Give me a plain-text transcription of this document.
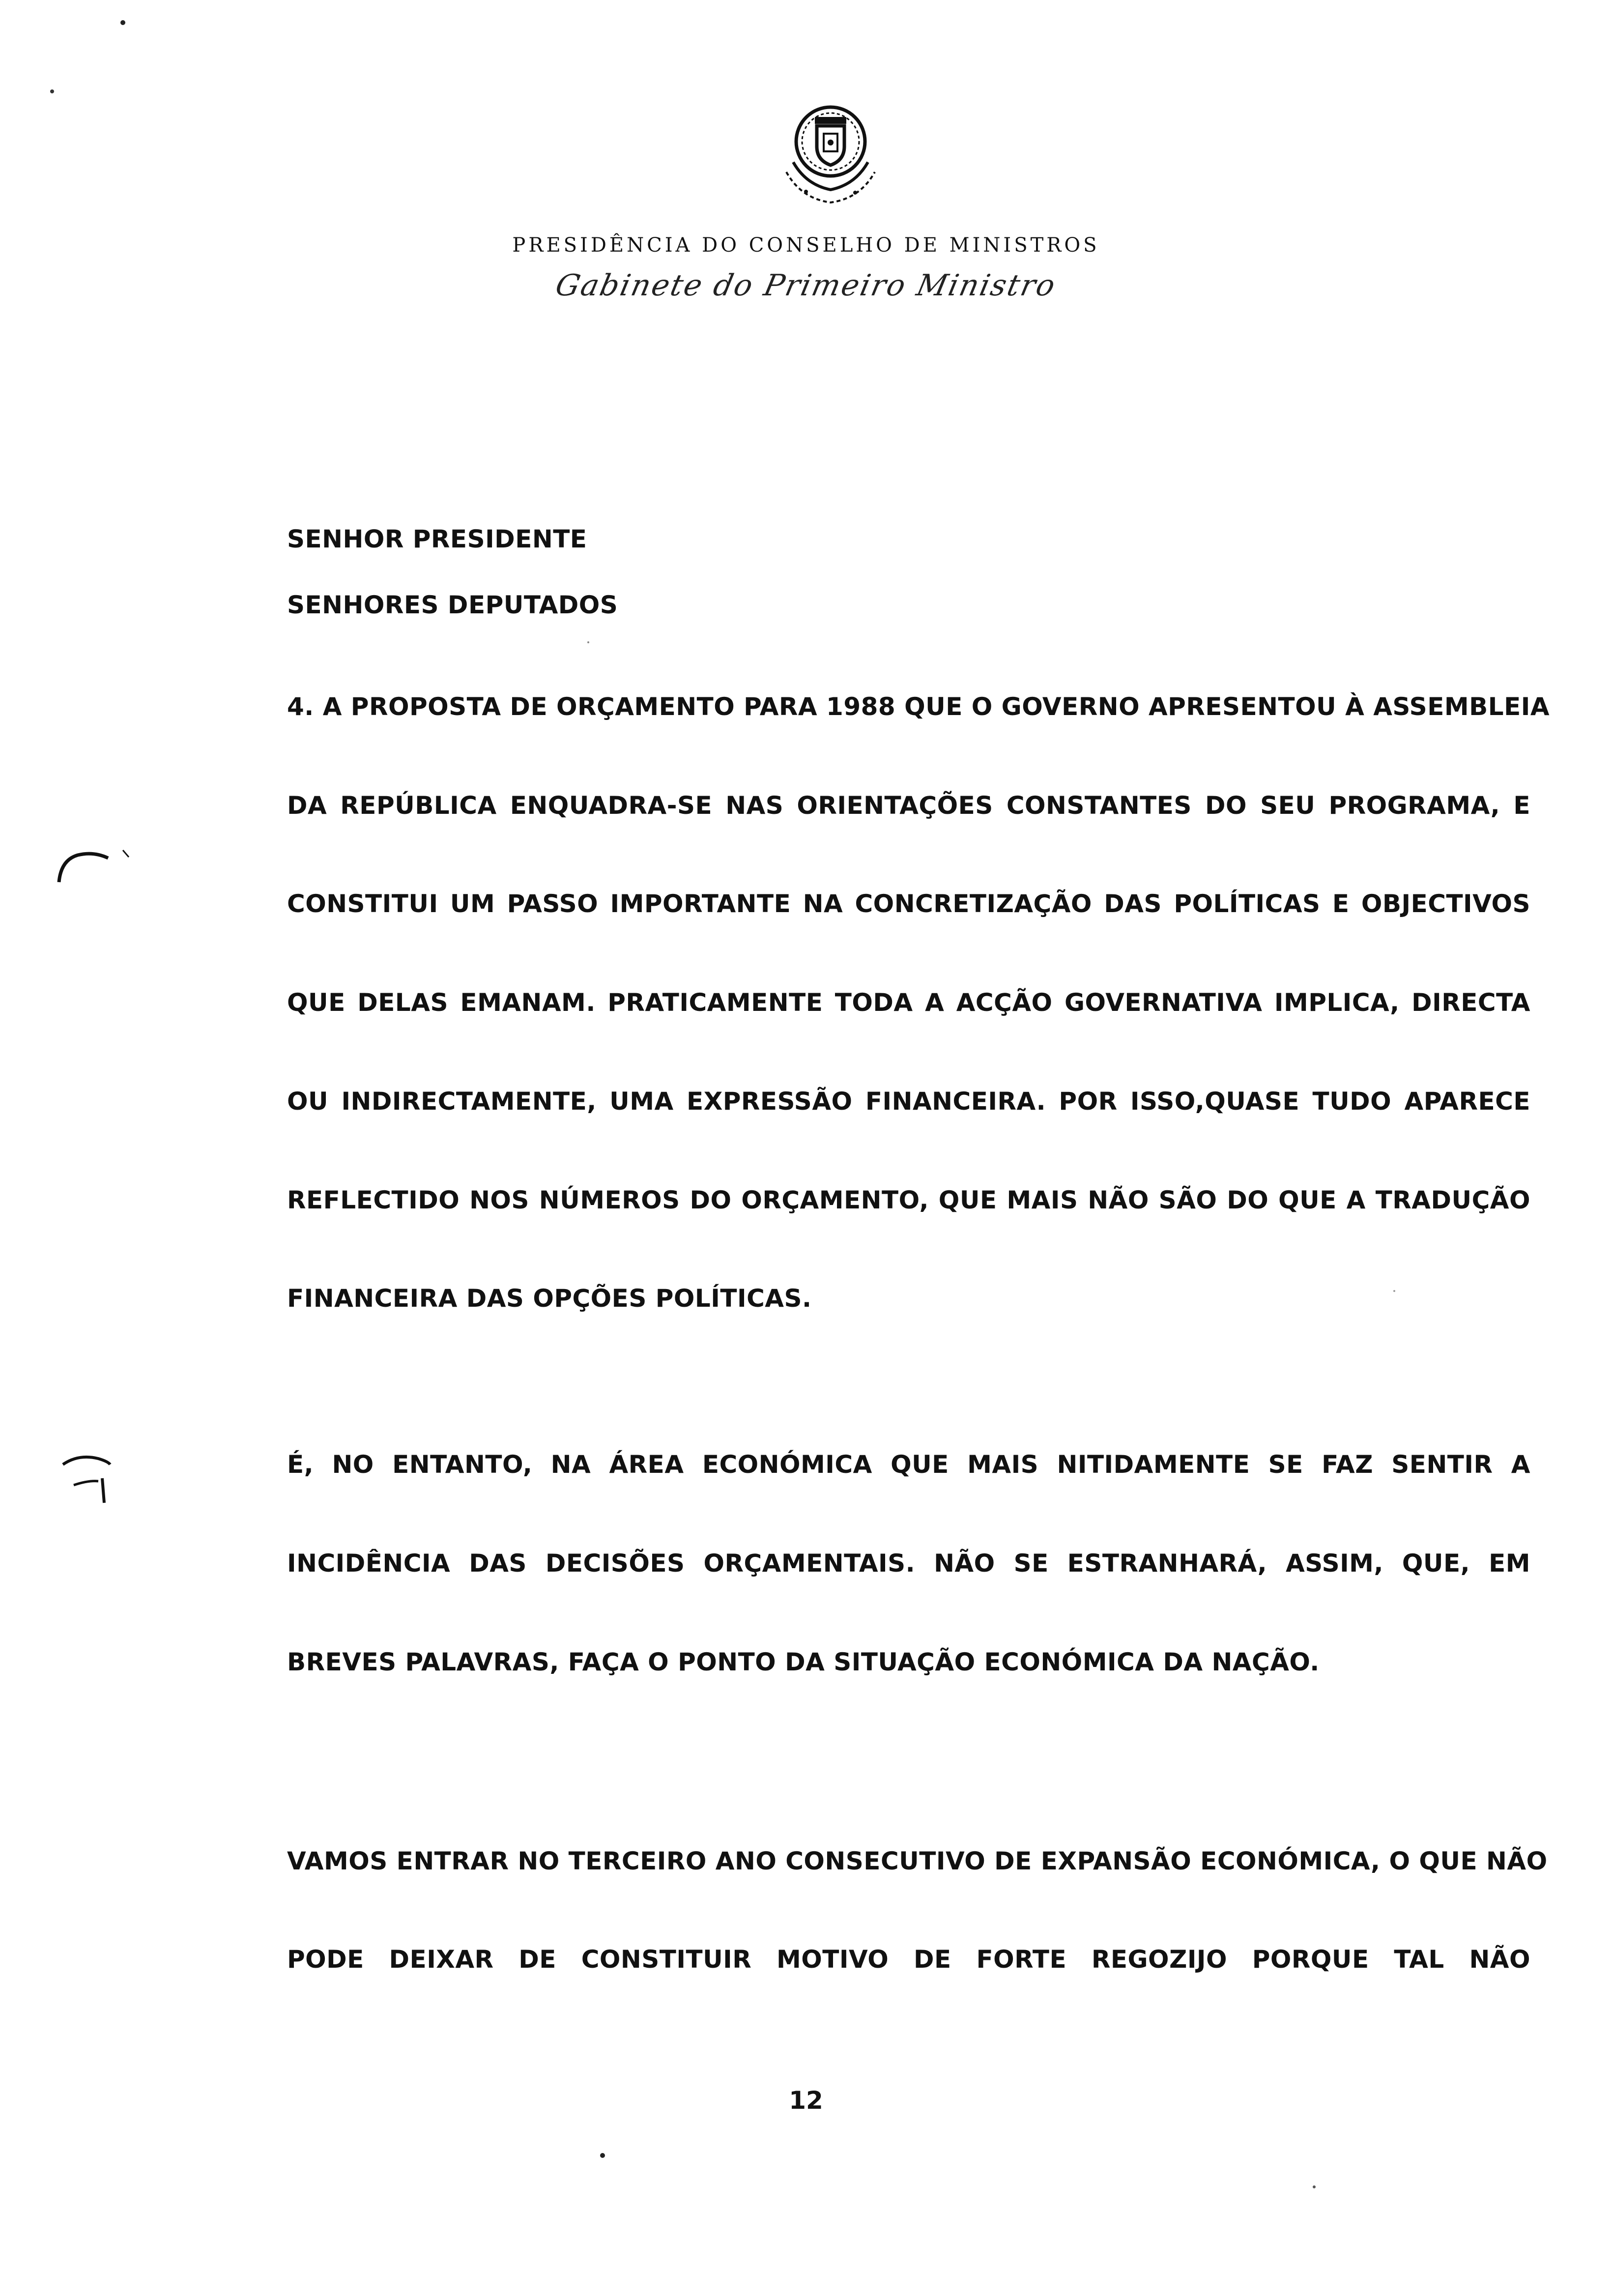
PRESIDÊNCIA DO CONSELHO DE MINISTROS
Gabinete do Primeiro Ministro

SENHOR PRESIDENTE

SENHORES DEPUTADOS

4. A PROPOSTA DE ORÇAMENTO PARA 1988 QUE O GOVERNO APRESENTOU À ASSEMBLEIA

DA REPÚBLICA ENQUADRA-SE NAS ORIENTAÇÕES CONSTANTES DO SEU PROGRAMA, E

CONSTITUI UM PASSO IMPORTANTE NA CONCRETIZAÇÃO DAS POLÍTICAS E OBJECTIVOS

QUE DELAS EMANAM. PRATICAMENTE TODA A ACÇÃO GOVERNATIVA IMPLICA, DIRECTA

OU INDIRECTAMENTE, UMA EXPRESSÃO FINANCEIRA. POR ISSO,QUASE TUDO APARECE

REFLECTIDO NOS NÚMEROS DO ORÇAMENTO, QUE MAIS NÃO SÃO DO QUE A TRADUÇÃO

FINANCEIRA DAS OPÇÕES POLÍTICAS.

É, NO ENTANTO, NA ÁREA ECONÓMICA QUE MAIS NITIDAMENTE SE FAZ SENTIR A

INCIDÊNCIA DAS DECISÕES ORÇAMENTAIS. NÃO SE ESTRANHARÁ, ASSIM, QUE, EM

BREVES PALAVRAS, FAÇA O PONTO DA SITUAÇÃO ECONÓMICA DA NAÇÃO.

VAMOS ENTRAR NO TERCEIRO ANO CONSECUTIVO DE EXPANSÃO ECONÓMICA, O QUE NÃO

PODE DEIXAR DE CONSTITUIR MOTIVO DE FORTE REGOZIJO PORQUE TAL NÃO

12
